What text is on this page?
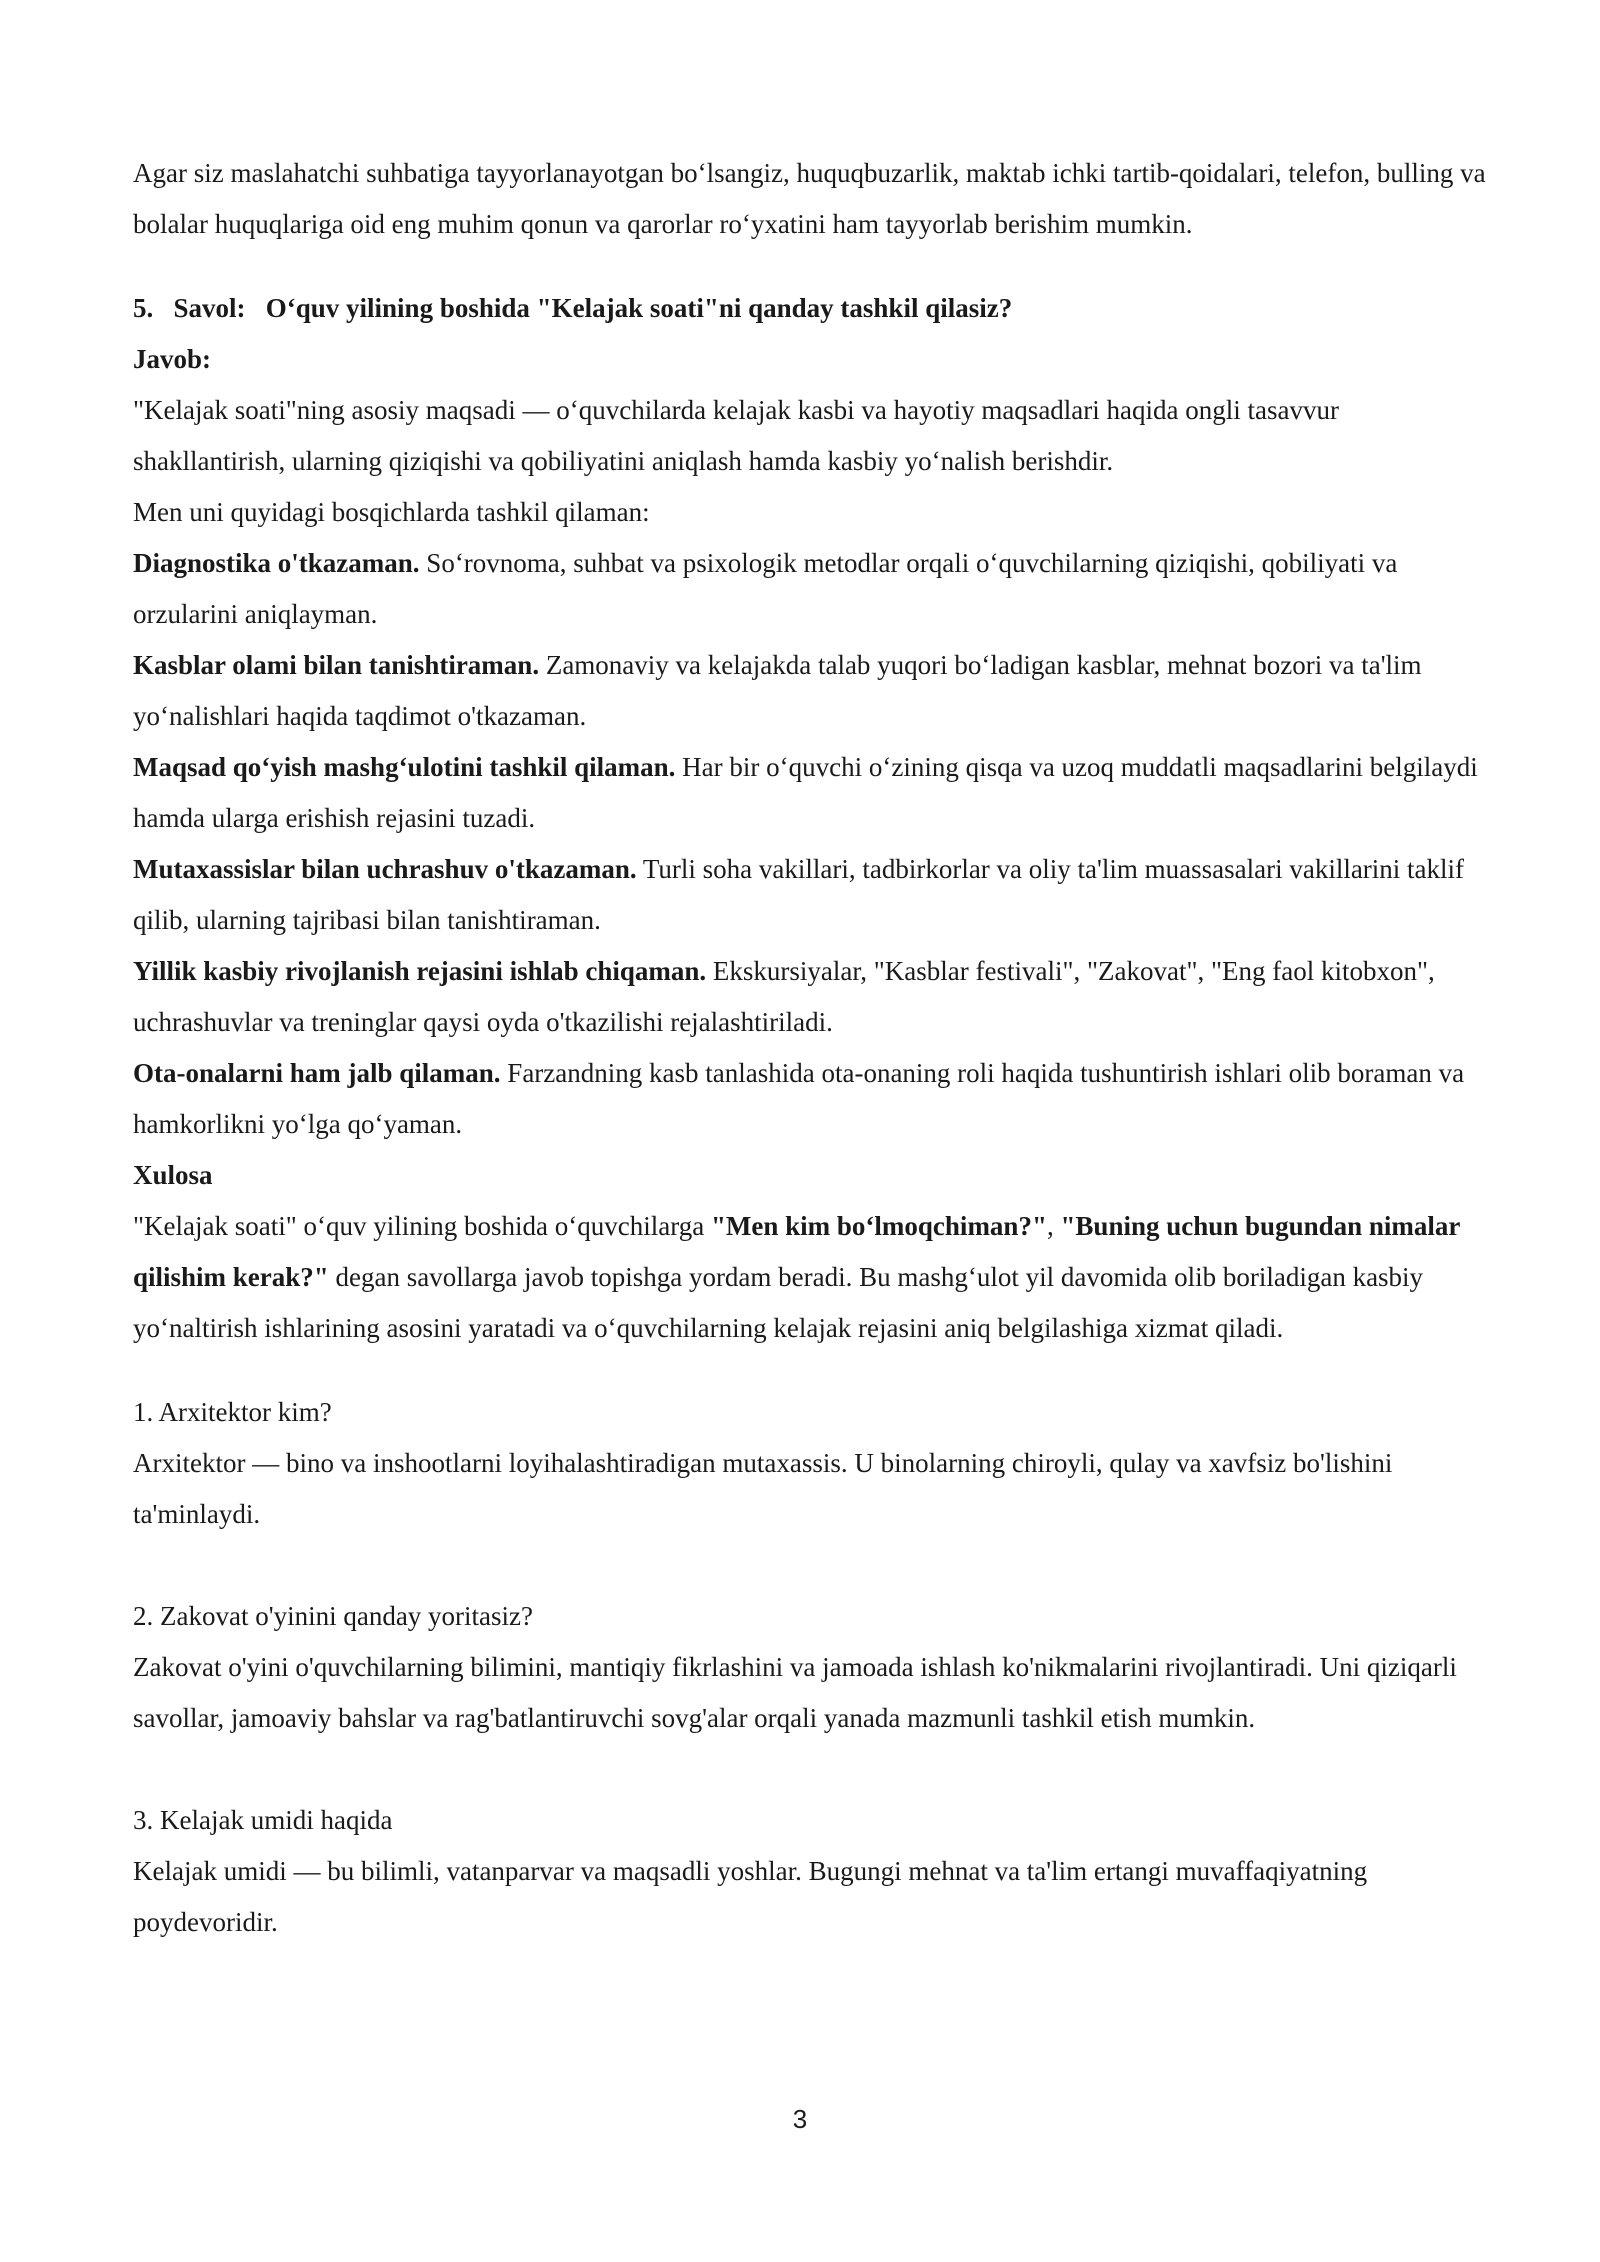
Agar siz maslahatchi suhbatiga tayyorlanayotgan bo‘lsangiz, huquqbuzarlik, maktab ichki tartib-qoidalari, telefon, bulling va bolalar huquqlariga oid eng muhim qonun va qarorlar ro‘yxatini ham tayyorlab berishim mumkin.

5. Savol:   O‘quv yilining boshida "Kelajak soati"ni qanday tashkil qilasiz?

Javob:

"Kelajak soati"ning asosiy maqsadi — o‘quvchilarda kelajak kasbi va hayotiy maqsadlari haqida ongli tasavvur shakllantirish, ularning qiziqishi va qobiliyatini aniqlash hamda kasbiy yo‘nalish berishdir.

Men uni quyidagi bosqichlarda tashkil qilaman:

Diagnostika o'tkazaman. So‘rovnoma, suhbat va psixologik metodlar orqali o‘quvchilarning qiziqishi, qobiliyati va orzularini aniqlayman.

Kasblar olami bilan tanishtiraman. Zamonaviy va kelajakda talab yuqori bo‘ladigan kasblar, mehnat bozori va ta'lim yo‘nalishlari haqida taqdimot o'tkazaman.

Maqsad qo‘yish mashg‘ulotini tashkil qilaman. Har bir o‘quvchi o‘zining qisqa va uzoq muddatli maqsadlarini belgilaydi hamda ularga erishish rejasini tuzadi.

Mutaxassislar bilan uchrashuv o'tkazaman. Turli soha vakillari, tadbirkorlar va oliy ta'lim muassasalari vakillarini taklif qilib, ularning tajribasi bilan tanishtiraman.

Yillik kasbiy rivojlanish rejasini ishlab chiqaman. Ekskursiyalar, "Kasblar festivali", "Zakovat", "Eng faol kitobxon", uchrashuvlar va treninglar qaysi oyda o'tkazilishi rejalashtiriladi.

Ota-onalarni ham jalb qilaman. Farzandning kasb tanlashida ota-onaning roli haqida tushuntirish ishlari olib boraman va hamkorlikni yo‘lga qo‘yaman.

Xulosa

"Kelajak soati" o‘quv yilining boshida o‘quvchilarga "Men kim bo‘lmoqchiman?", "Buning uchun bugundan nimalar qilishim kerak?" degan savollarga javob topishga yordam beradi. Bu mashg‘ulot yil davomida olib boriladigan kasbiy yo‘naltirish ishlarining asosini yaratadi va o‘quvchilarning kelajak rejasini aniq belgilashiga xizmat qiladi.

1. Arxitektor kim?

Arxitektor — bino va inshootlarni loyihalashtiradigan mutaxassis. U binolarning chiroyli, qulay va xavfsiz bo'lishini ta'minlaydi.

2. Zakovat o'yinini qanday yoritasiz?

Zakovat o'yini o'quvchilarning bilimini, mantiqiy fikrlashini va jamoada ishlash ko'nikmalarini rivojlantiradi. Uni qiziqarli savollar, jamoaviy bahslar va rag'batlantiruvchi sovg'alar orqali yanada mazmunli tashkil etish mumkin.

3. Kelajak umidi haqida

Kelajak umidi — bu bilimli, vatanparvar va maqsadli yoshlar. Bugungi mehnat va ta'lim ertangi muvaffaqiyatning poydevoridir.

3
